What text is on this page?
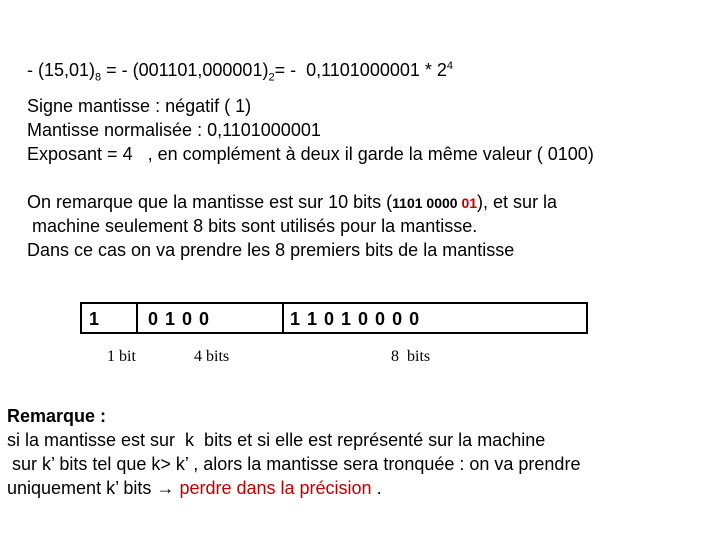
- $(15,01)_8$ = - $(001101,000001)_2= - 0,1101000001 * 2^4$
Signe mantisse : négatif ( 1)
Mantisse normalisée : 0,1101000001
Exposant = 4   , en complément à deux il garde la même valeur ( 0100)
On remarque que la mantisse est sur 10 bits (1101 0000 01), et sur la
machine seulement 8 bits sont utilisés pour la mantisse.
Dans ce cas on va prendre les 8 premiers bits de la mantisse
1	0 1 0 0	1 1 0 1 0 0 0 0
1 bit	4 bits	8  bits
Remarque :
si la mantisse est sur  k  bits et si elle est représenté sur la machine
sur k’ bits tel que k> k’ , alors la mantisse sera tronquée : on va prendre
uniquement k’ bits → perdre dans la précision .
